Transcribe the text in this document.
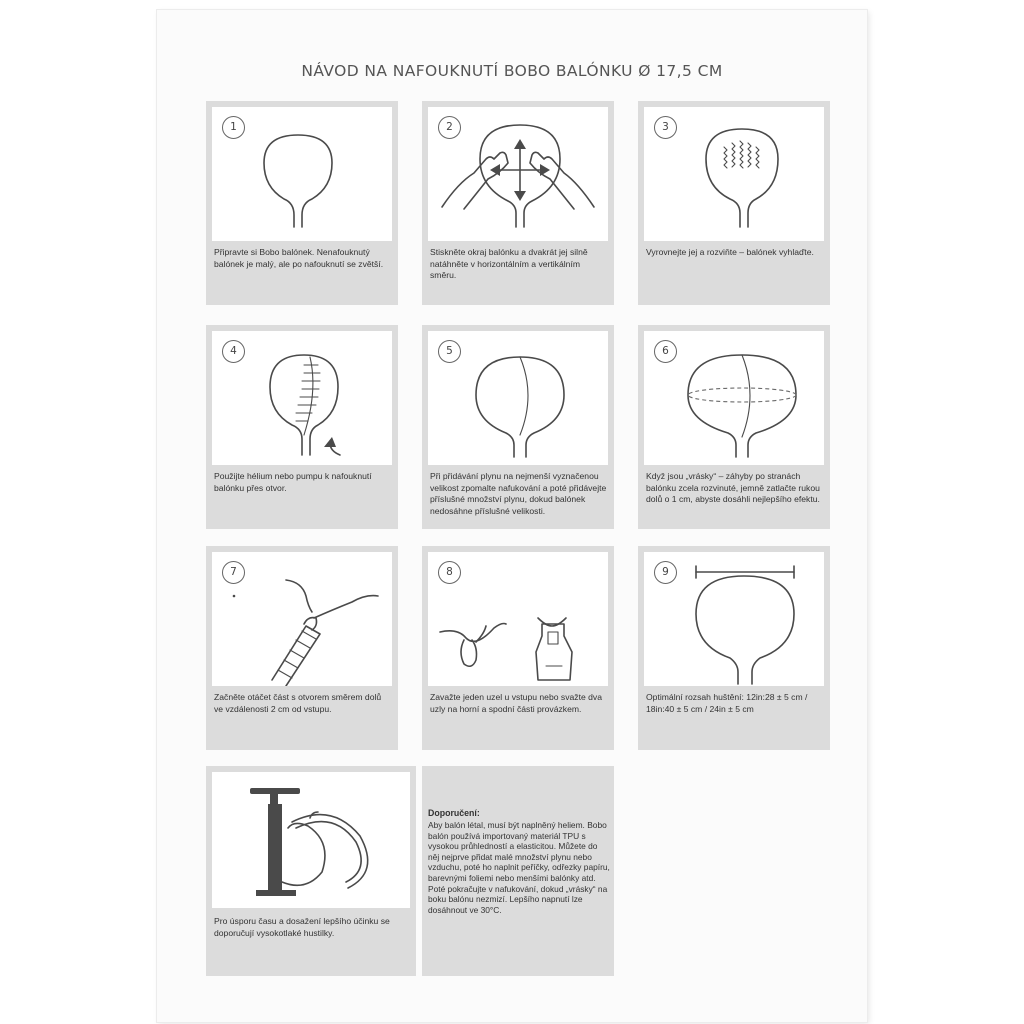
NÁVOD NA NAFOUKNUTÍ BOBO BALÓNKU Ø 17,5 CM
1
Připravte si Bobo balónek. Nenafouknutý balónek je malý, ale po nafouknutí se zvětší.
2
Stiskněte okraj balónku a dvakrát jej silně natáhněte v horizontálním a vertikálním směru.
3
Vyrovnejte jej a rozviňte – balónek vyhlaďte.
4
Použijte hélium nebo pumpu k nafouknutí balónku přes otvor.
5
Při přidávání plynu na nejmenší vyznačenou velikost zpomalte nafukování a poté přidávejte příslušné množství plynu, dokud balónek nedosáhne příslušné velikosti.
6
Když jsou „vrásky“ – záhyby po stranách balónku zcela rozvinuté, jemně zatlačte rukou dolů o 1 cm, abyste dosáhli nejlepšího efektu.
7
Začněte otáčet část s otvorem směrem dolů ve vzdálenosti 2 cm od vstupu.
8
Zavažte jeden uzel u vstupu nebo svažte dva uzly na horní a spodní části provázkem.
9
Optimální rozsah huštění: 12in:28 ± 5 cm / 18in:40 ± 5 cm / 24in ± 5 cm
Pro úsporu času a dosažení lepšího účinku se doporučují vysokotlaké hustilky.
Doporučení:
Aby balón létal, musí být naplněný heliem. Bobo balón používá importovaný materiál TPU s vysokou průhledností a elasticitou. Můžete do něj nejprve přidat malé množství plynu nebo vzduchu, poté ho naplnit peříčky, odřezky papíru, barevnými foliemi nebo menšími balónky atd. Poté pokračujte v nafukování, dokud „vrásky“ na boku balónu nezmizí. Lepšího napnutí lze dosáhnout ve 30°C.
